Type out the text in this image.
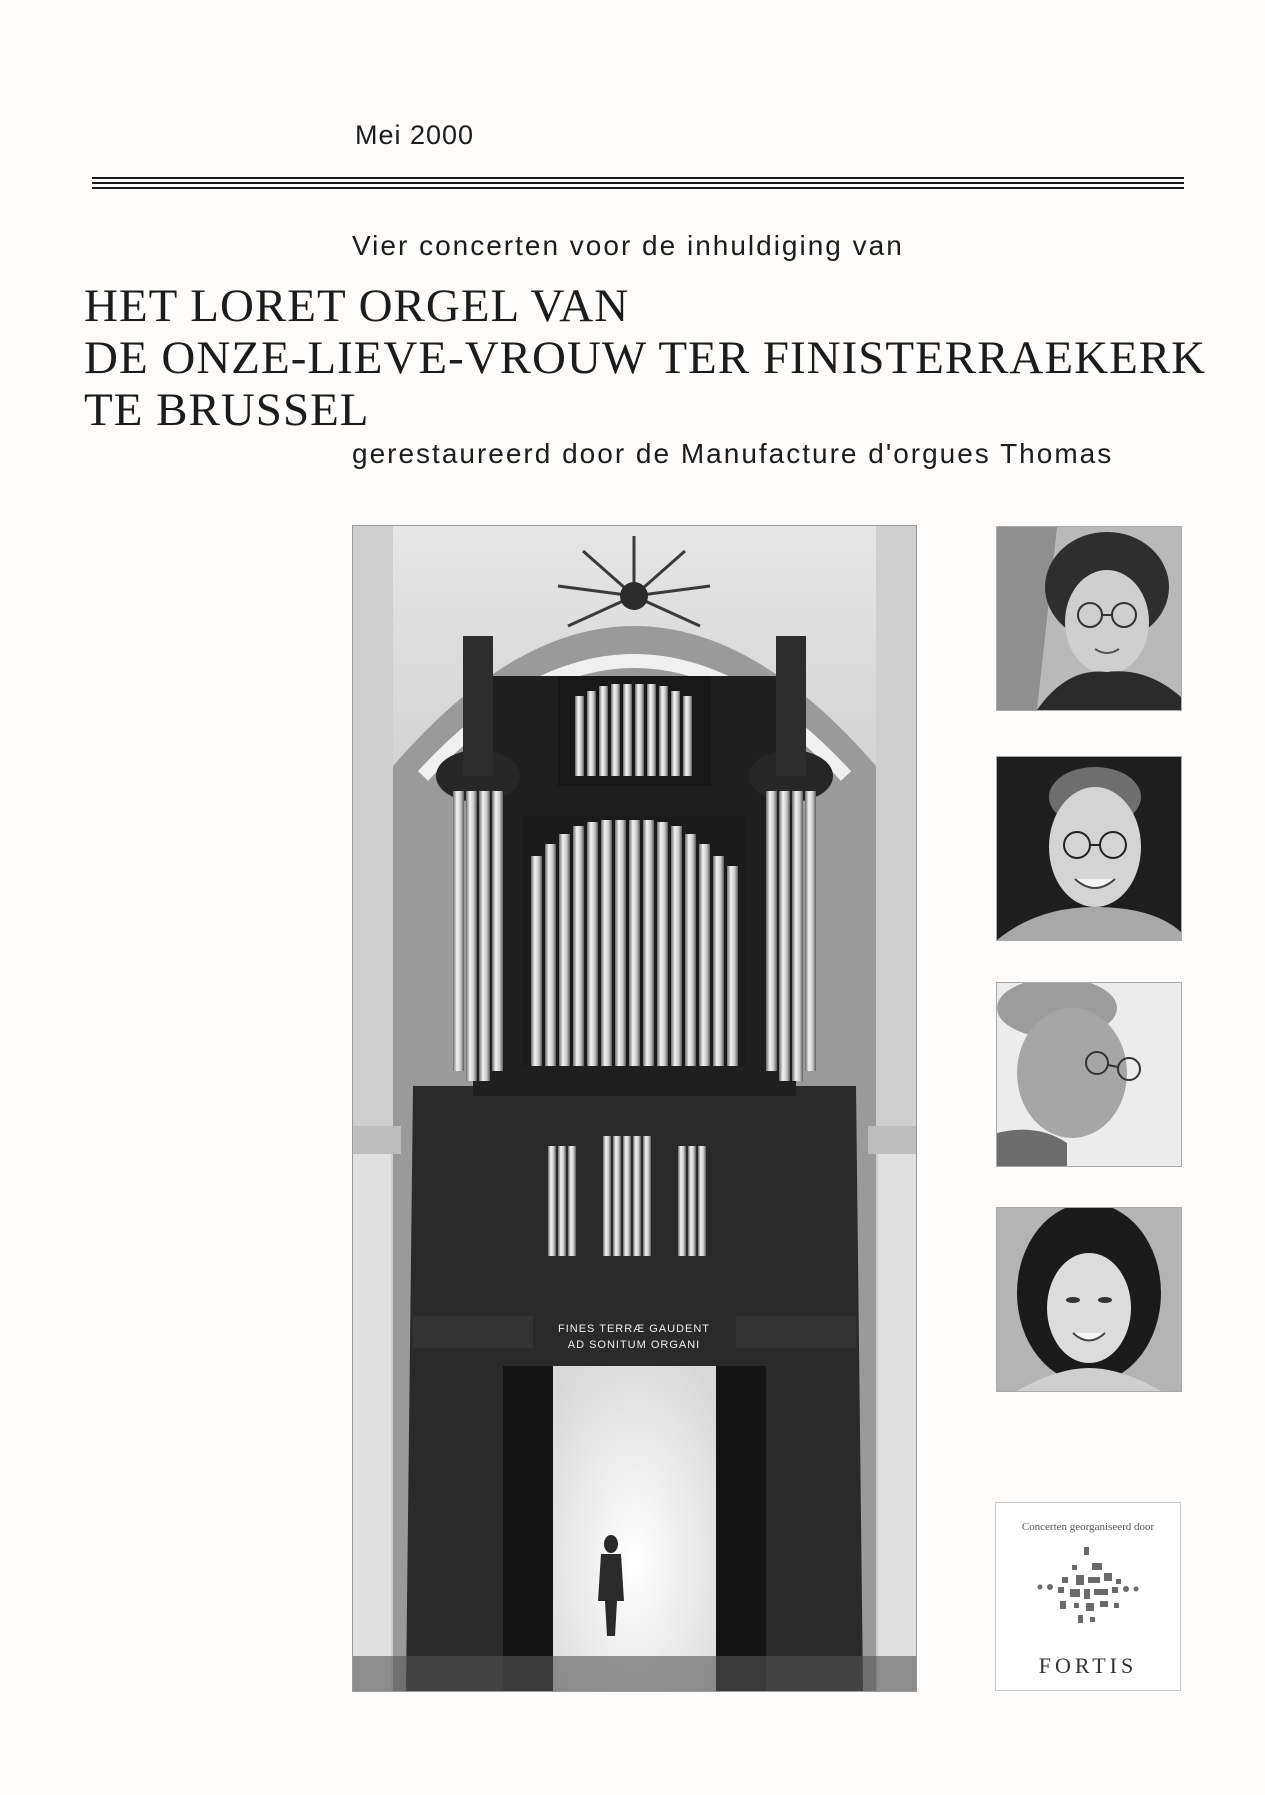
Mei 2000
Vier concerten voor de inhuldiging van
HET LORET ORGEL VAN
DE ONZE-LIEVE-VROUW TER FINISTERRAEKERK
TE BRUSSEL
gerestaureerd door de Manufacture d'orgues Thomas
FINES TERRÆ GAUDENT
AD SONITUM ORGANI
Concerten georganiseerd door
FORTIS
